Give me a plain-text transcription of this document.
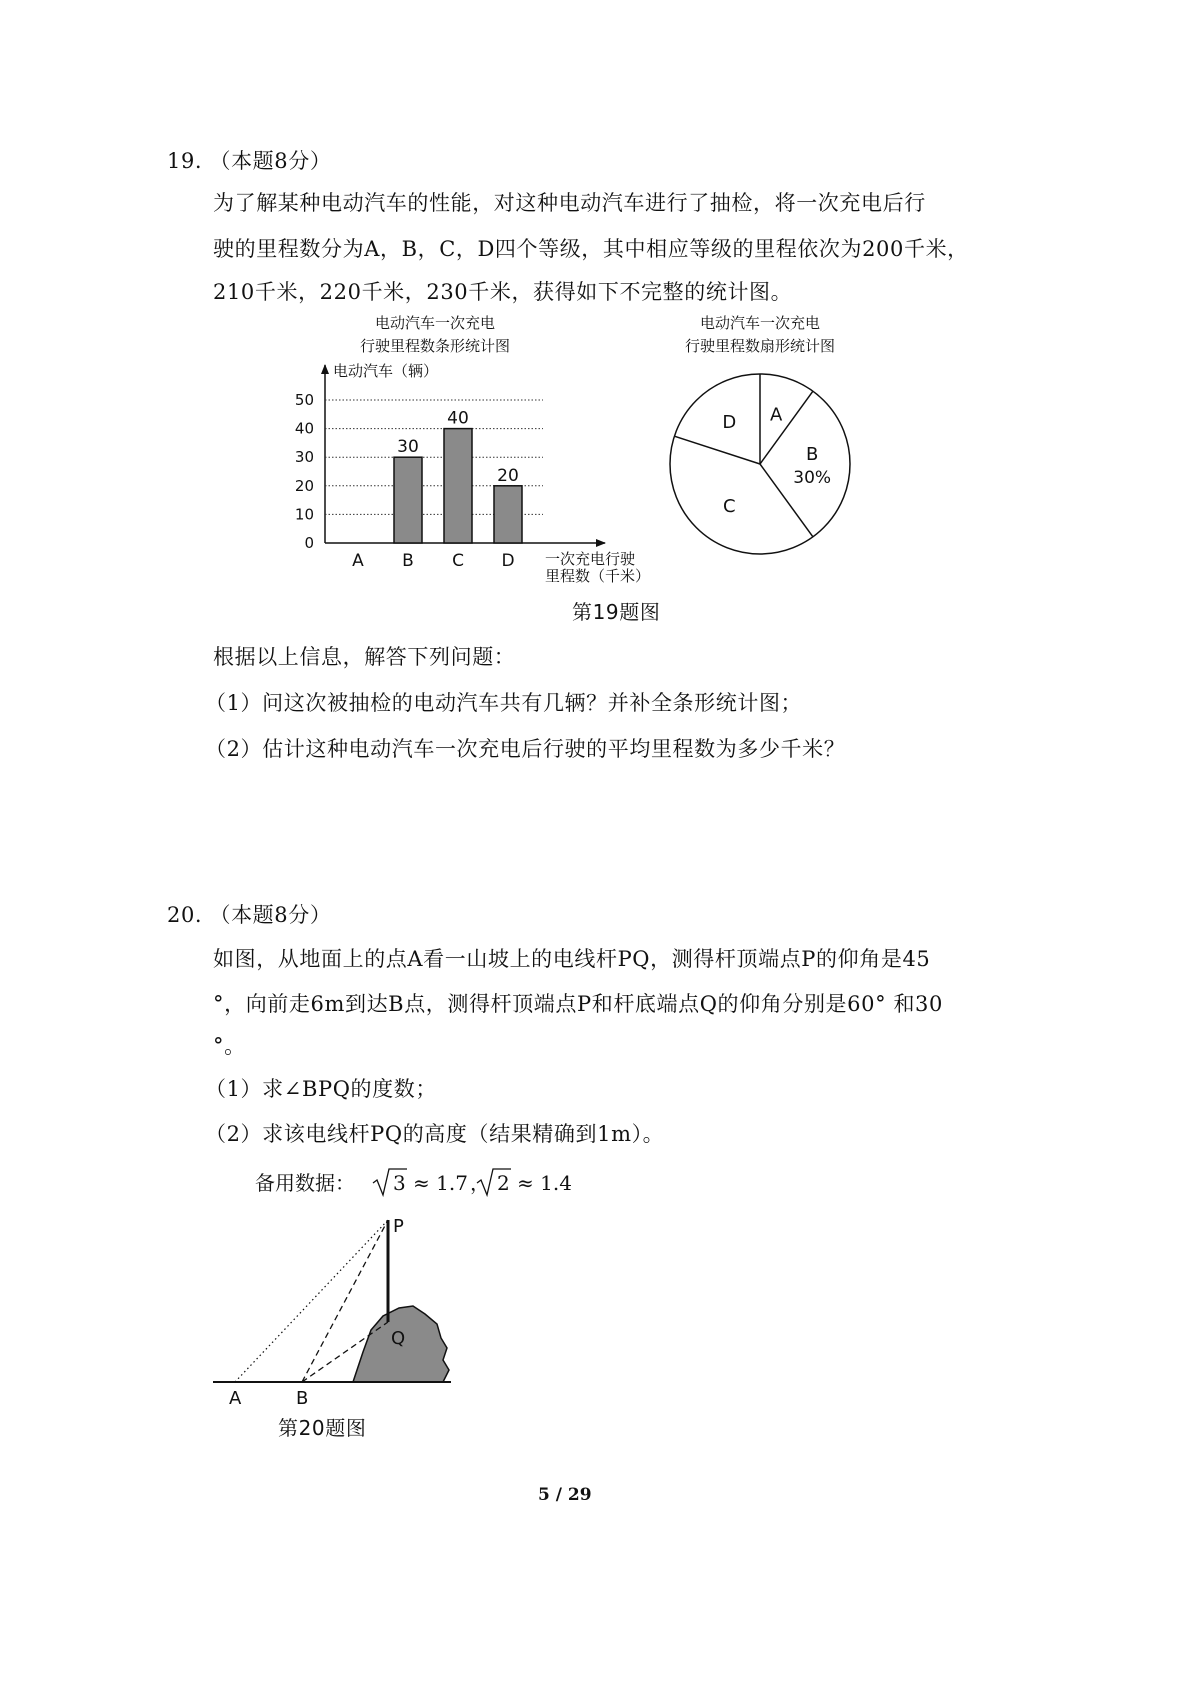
19. （本题8分）
为了解某种电动汽车的性能，对这种电动汽车进行了抽检，将一次充电后行
驶的里程数分为A，B，C，D四个等级，其中相应等级的里程依次为200千米，
210千米，220千米，230千米，获得如下不完整的统计图。
电动汽车一次充电
行驶里程数条形统计图
电动汽车（辆）
0
10
20
30
40
50
A B
30
C
40
D
20
一次充电行驶
里程数（千米）
电动汽车一次充电
行驶里程数扇形统计图
A
B
30%
C
D
第19题图
根据以上信息，解答下列问题：
（1）问这次被抽检的电动汽车共有几辆？并补全条形统计图；
（2）估计这种电动汽车一次充电后行驶的平均里程数为多少千米？
20. （本题8分）
如图，从地面上的点A看一山坡上的电线杆PQ，测得杆顶端点P的仰角是45
°，向前走6m到达B点，测得杆顶端点P和杆底端点Q的仰角分别是60° 和30
°。
（1）求∠BPQ的度数；
（2）求该电线杆PQ的高度（结果精确到1m）。
备用数据： 3 ≈ 1.7 ， 2 ≈ 1.4
P
Q
A	B
第20题图
5 / 29
